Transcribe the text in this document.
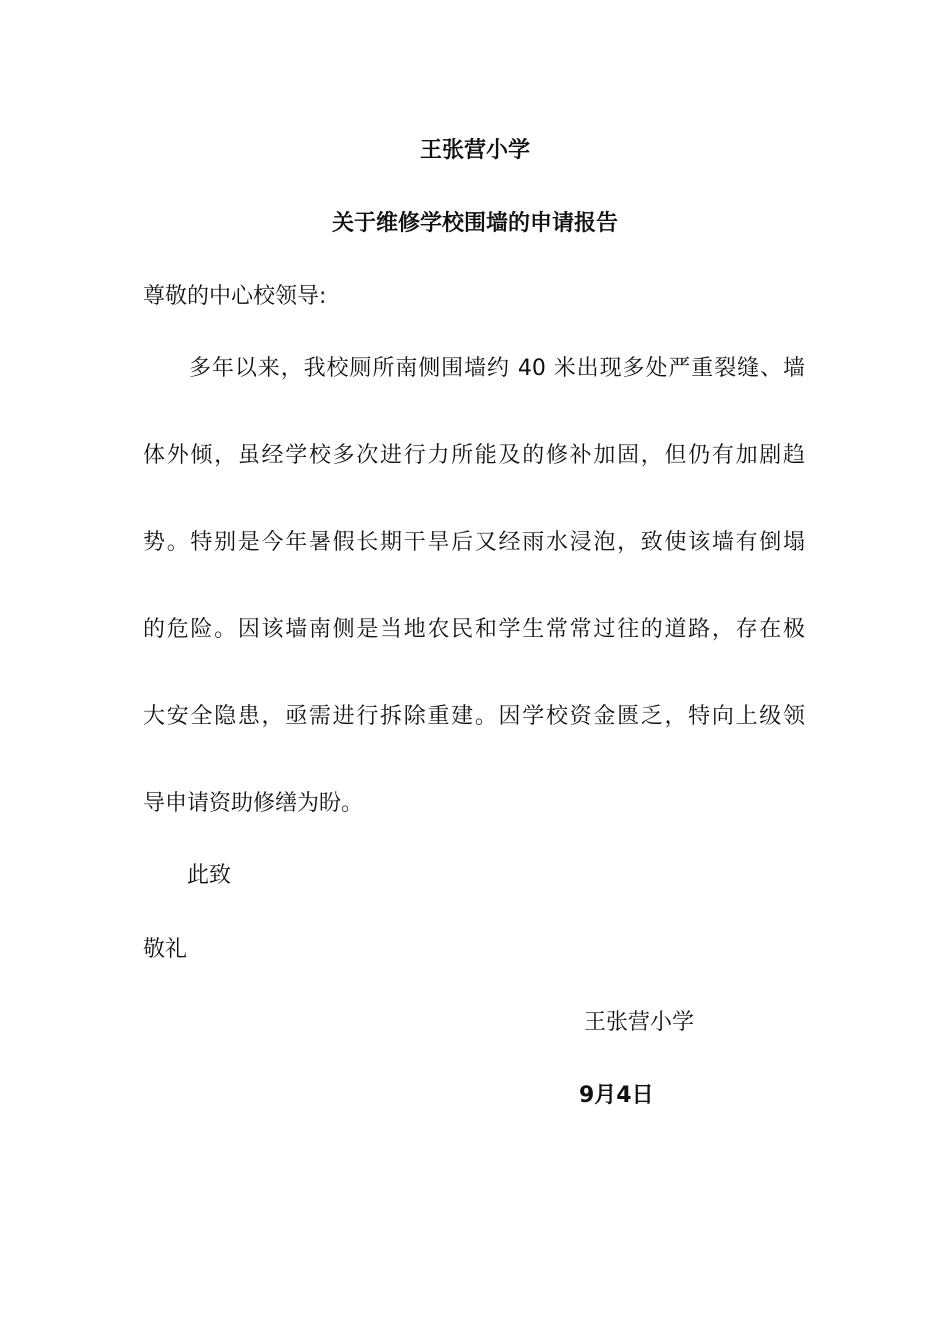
王张营小学
关于维修学校围墙的申请报告

尊敬的中心校领导:

多年以来，我校厕所南侧围墙约 40 米出现多处严重裂缝、墙
体外倾，虽经学校多次进行力所能及的修补加固，但仍有加剧趋
势。特别是今年暑假长期干旱后又经雨水浸泡，致使该墙有倒塌
的危险。因该墙南侧是当地农民和学生常常过往的道路，存在极
大安全隐患，亟需进行拆除重建。因学校资金匮乏，特向上级领
导申请资助修缮为盼。

此致

敬礼

王张营小学

9月4日
